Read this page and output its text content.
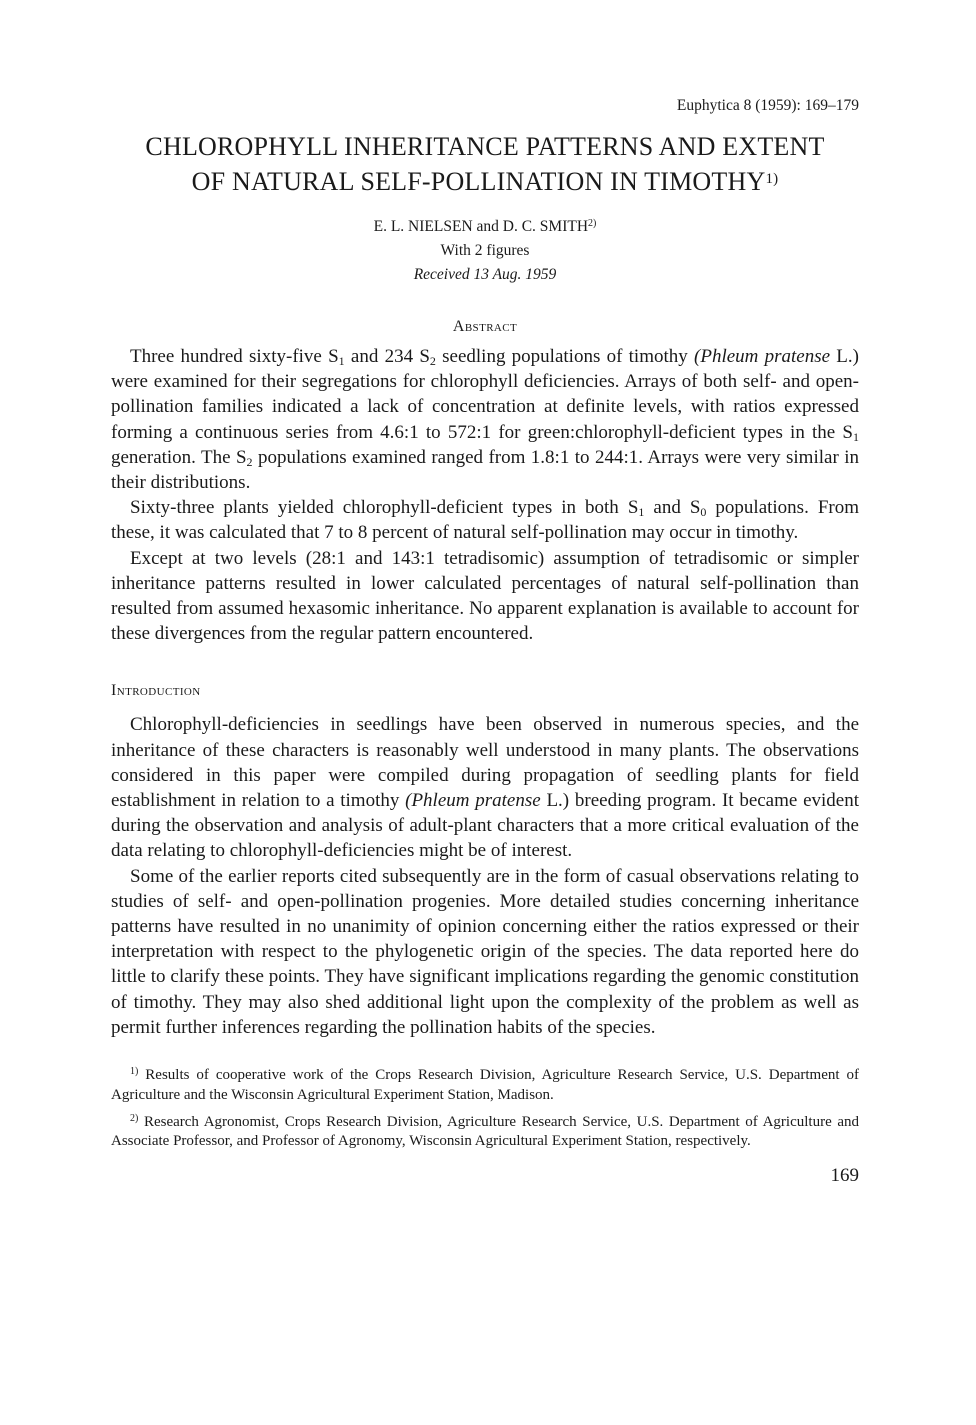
Euphytica 8 (1959): 169–179
CHLOROPHYLL INHERITANCE PATTERNS AND EXTENT
OF NATURAL SELF-POLLINATION IN TIMOTHY$^{1)}$
E. L. NIELSEN and D. C. SMITH$^{2)}$
With 2 figures
Received 13 Aug. 1959
Abstract

Three hundred sixty-five $S_1$ and 234 $S_2$ seedling populations of timothy (Phleum pratense L.) were examined for their segregations for chlorophyll deficiencies. Arrays of both self- and open-pollination families indicated a lack of concentration at definite levels, with ratios expressed forming a continuous series from 4.6:1 to 572:1 for green:chlorophyll-deficient types in the $S_1$ generation. The $S_2$ populations examined ranged from 1.8:1 to 244:1. Arrays were very similar in their distributions.

Sixty-three plants yielded chlorophyll-deficient types in both $S_1$ and $S_0$ populations. From these, it was calculated that 7 to 8 percent of natural self-pollination may occur in timothy.

Except at two levels (28:1 and 143:1 tetradisomic) assumption of tetradisomic or simpler inheritance patterns resulted in lower calculated percentages of natural self-pollination than resulted from assumed hexasomic inheritance. No apparent explanation is available to account for these divergences from the regular pattern encountered.

Introduction

Chlorophyll-deficiencies in seedlings have been observed in numerous species, and the inheritance of these characters is reasonably well understood in many plants. The observations considered in this paper were compiled during propagation of seedling plants for field establishment in relation to a timothy (Phleum pratense L.) breeding program. It became evident during the observation and analysis of adult-plant characters that a more critical evaluation of the data relating to chlorophyll-deficiencies might be of interest.

Some of the earlier reports cited subsequently are in the form of casual observations relating to studies of self- and open-pollination progenies. More detailed studies concerning inheritance patterns have resulted in no unanimity of opinion concerning either the ratios expressed or their interpretation with respect to the phylogenetic origin of the species. The data reported here do little to clarify these points. They have significant implications regarding the genomic constitution of timothy. They may also shed additional light upon the complexity of the problem as well as permit further inferences regarding the pollination habits of the species.

$^{1)}$ Results of cooperative work of the Crops Research Division, Agriculture Research Service, U.S. Department of Agriculture and the Wisconsin Agricultural Experiment Station, Madison.

$^{2)}$ Research Agronomist, Crops Research Division, Agriculture Research Service, U.S. Department of Agriculture and Associate Professor, and Professor of Agronomy, Wisconsin Agricultural Experiment Station, respectively.

169
